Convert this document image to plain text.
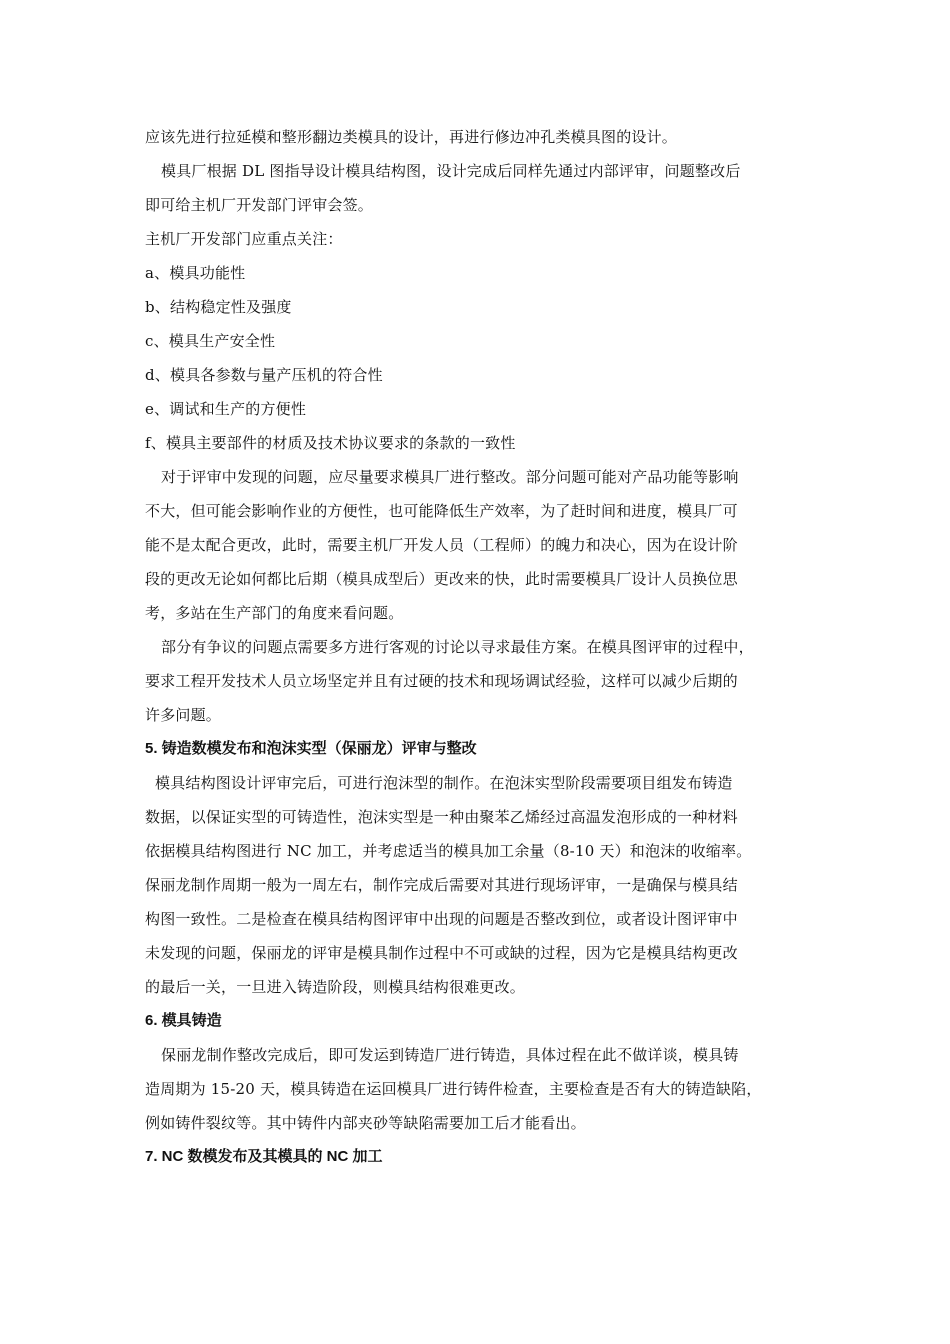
应该先进行拉延模和整形翻边类模具的设计，再进行修边冲孔类模具图的设计。

模具厂根据 DL 图指导设计模具结构图，设计完成后同样先通过内部评审，问题整改后
即可给主机厂开发部门评审会签。

主机厂开发部门应重点关注：

a、模具功能性

b、结构稳定性及强度

c、模具生产安全性

d、模具各参数与量产压机的符合性

e、调试和生产的方便性

f、模具主要部件的材质及技术协议要求的条款的一致性

对于评审中发现的问题，应尽量要求模具厂进行整改。部分问题可能对产品功能等影响
不大，但可能会影响作业的方便性，也可能降低生产效率，为了赶时间和进度，模具厂可
能不是太配合更改，此时，需要主机厂开发人员（工程师）的魄力和决心，因为在设计阶
段的更改无论如何都比后期（模具成型后）更改来的快，此时需要模具厂设计人员换位思
考，多站在生产部门的角度来看问题。

部分有争议的问题点需要多方进行客观的讨论以寻求最佳方案。在模具图评审的过程中，
要求工程开发技术人员立场坚定并且有过硬的技术和现场调试经验，这样可以减少后期的
许多问题。

5. 铸造数模发布和泡沫实型（保丽龙）评审与整改

模具结构图设计评审完后，可进行泡沫型的制作。在泡沫实型阶段需要项目组发布铸造
数据，以保证实型的可铸造性，泡沫实型是一种由聚苯乙烯经过高温发泡形成的一种材料
依据模具结构图进行 NC 加工，并考虑适当的模具加工余量（8-10 天）和泡沫的收缩率。

保丽龙制作周期一般为一周左右，制作完成后需要对其进行现场评审，一是确保与模具结
构图一致性。二是检查在模具结构图评审中出现的问题是否整改到位，或者设计图评审中
未发现的问题，保丽龙的评审是模具制作过程中不可或缺的过程，因为它是模具结构更改
的最后一关，一旦进入铸造阶段，则模具结构很难更改。

6. 模具铸造

保丽龙制作整改完成后，即可发运到铸造厂进行铸造，具体过程在此不做详谈，模具铸
造周期为 15-20 天，模具铸造在运回模具厂进行铸件检查，主要检查是否有大的铸造缺陷，
例如铸件裂纹等。其中铸件内部夹砂等缺陷需要加工后才能看出。

7. NC 数模发布及其模具的 NC 加工
